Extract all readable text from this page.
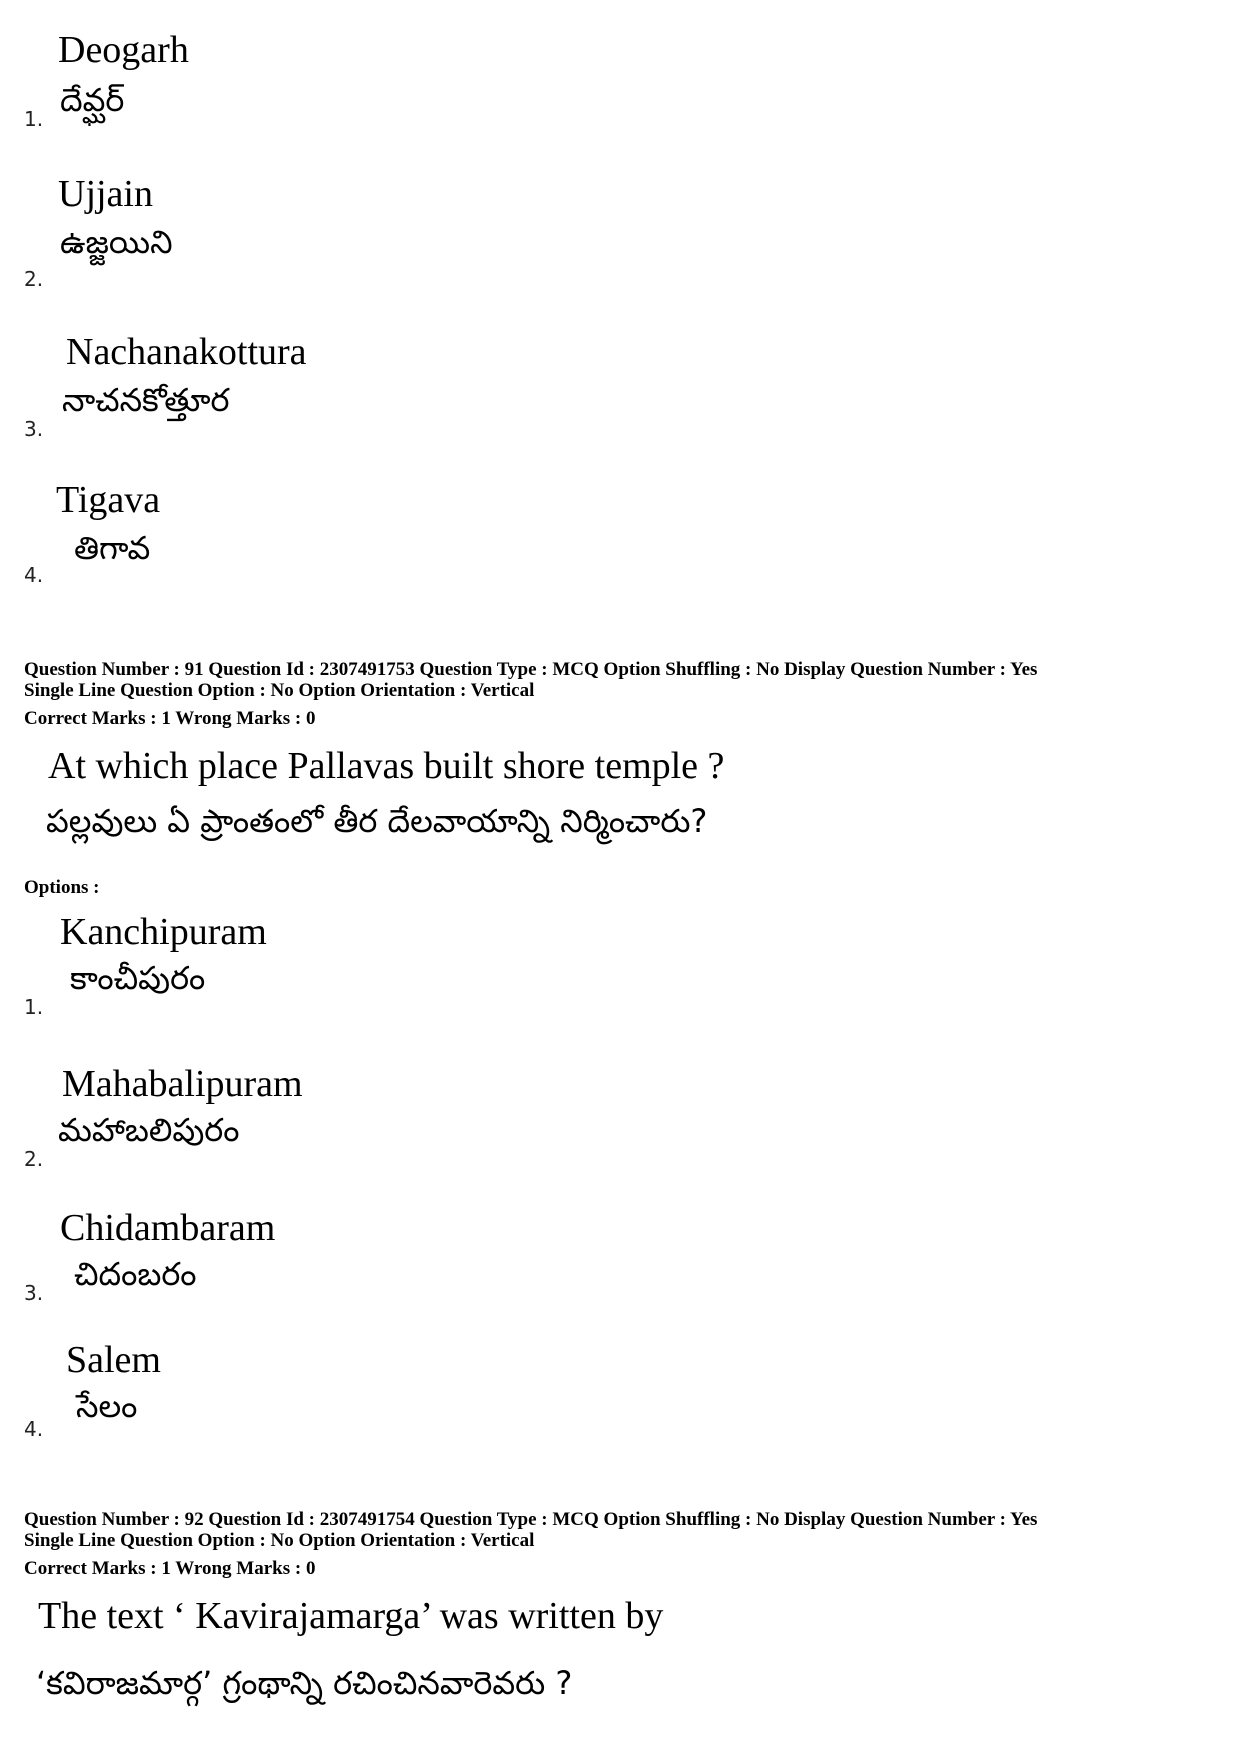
Deogarh
దేవ్ఘర్
1.
Ujjain
ఉజ్జయిని
2.
Nachanakottura
నాచనకోత్తూర
3.
Tigava
తిగావ
4.
Question Number : 91 Question Id : 2307491753 Question Type : MCQ Option Shuffling : No Display Question Number : Yes
Single Line Question Option : No Option Orientation : Vertical
Correct Marks : 1 Wrong Marks : 0
At which place Pallavas built shore temple ?
పల్లవులు ఏ ప్రాంతంలో తీర దేలవాయాన్ని నిర్మించారు?
Options :
Kanchipuram
కాంచీపురం
1.
Mahabalipuram
మహాబలిపురం
2.
Chidambaram
చిదంబరం
3.
Salem
సేలం
4.
Question Number : 92 Question Id : 2307491754 Question Type : MCQ Option Shuffling : No Display Question Number : Yes
Single Line Question Option : No Option Orientation : Vertical
Correct Marks : 1 Wrong Marks : 0
The text ‘ Kavirajamarga’ was written by
‘కవిరాజమార్గ’ గ్రంథాన్ని రచించినవారెవరు ?
